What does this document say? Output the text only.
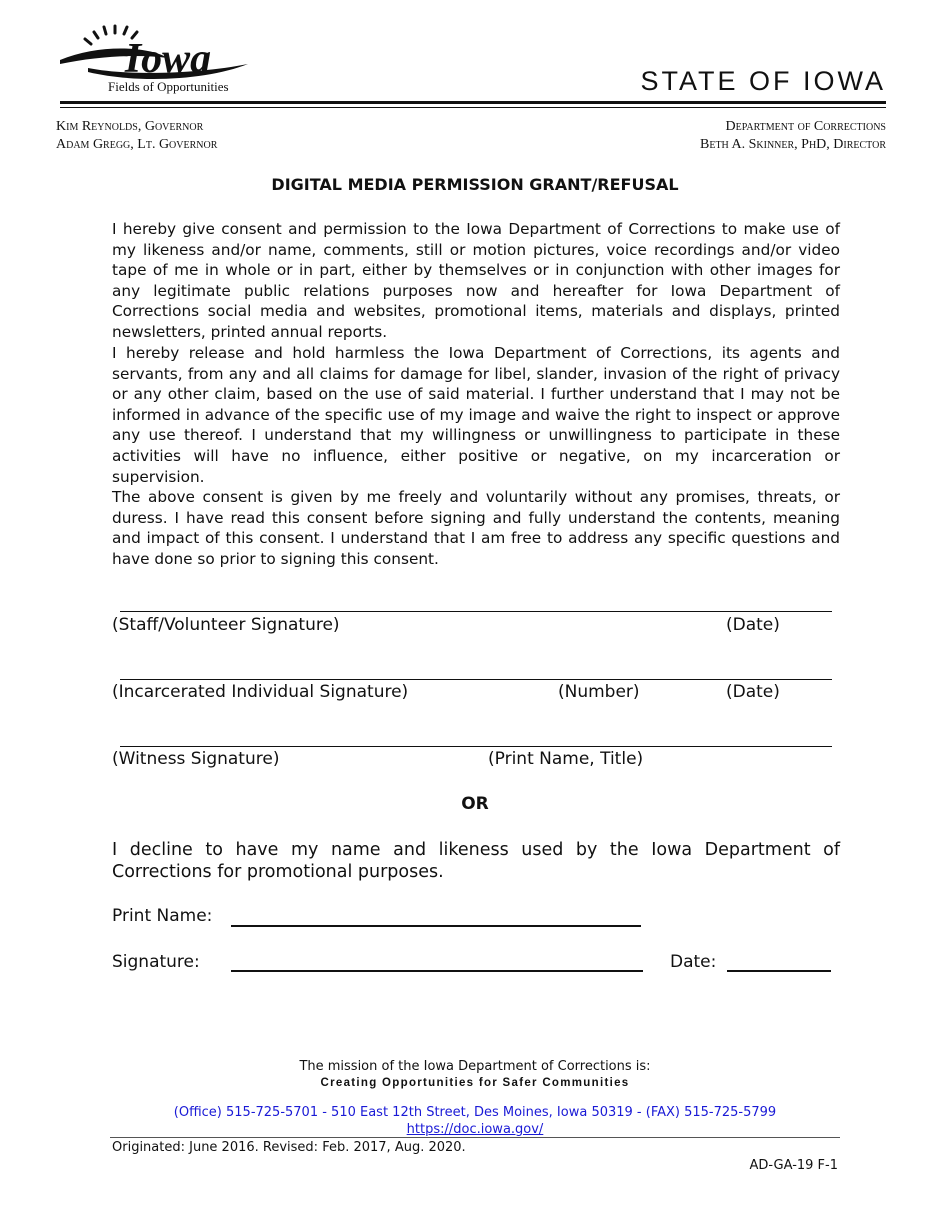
Iowa
Fields of Opportunities	STATE OF IOWA
Kim Reynolds, Governor
Adam Gregg, Lt. Governor
Department of Corrections
Beth A. Skinner, PhD, Director
DIGITAL MEDIA PERMISSION GRANT/REFUSAL
I hereby give consent and permission to the Iowa Department of Corrections to make use of my likeness and/or name, comments, still or motion pictures, voice recordings and/or video tape of me in whole or in part, either by themselves or in conjunction with other images for any legitimate public relations purposes now and hereafter for Iowa Department of Corrections social media and websites, promotional items, materials and displays, printed newsletters, printed annual reports.
I hereby release and hold harmless the Iowa Department of Corrections, its agents and servants, from any and all claims for damage for libel, slander, invasion of the right of privacy or any other claim, based on the use of said material. I further understand that I may not be informed in advance of the specific use of my image and waive the right to inspect or approve any use thereof. I understand that my willingness or unwillingness to participate in these activities will have no influence, either positive or negative, on my incarceration or supervision.
The above consent is given by me freely and voluntarily without any promises, threats, or duress. I have read this consent before signing and fully understand the contents, meaning and impact of this consent. I understand that I am free to address any specific questions and have done so prior to signing this consent.
(Staff/Volunteer Signature)	(Date)
(Incarcerated Individual Signature)	(Number)	(Date)
(Witness Signature)	(Print Name, Title)
OR
I decline to have my name and likeness used by the Iowa Department of Corrections for promotional purposes.
Print Name:
Signature:	Date:
The mission of the Iowa Department of Corrections is:
Creating Opportunities for Safer Communities
(Office) 515-725-5701 - 510 East 12th Street, Des Moines, Iowa 50319 - (FAX) 515-725-5799
https://doc.iowa.gov/
Originated: June 2016. Revised: Feb. 2017, Aug. 2020.
AD-GA-19 F-1
